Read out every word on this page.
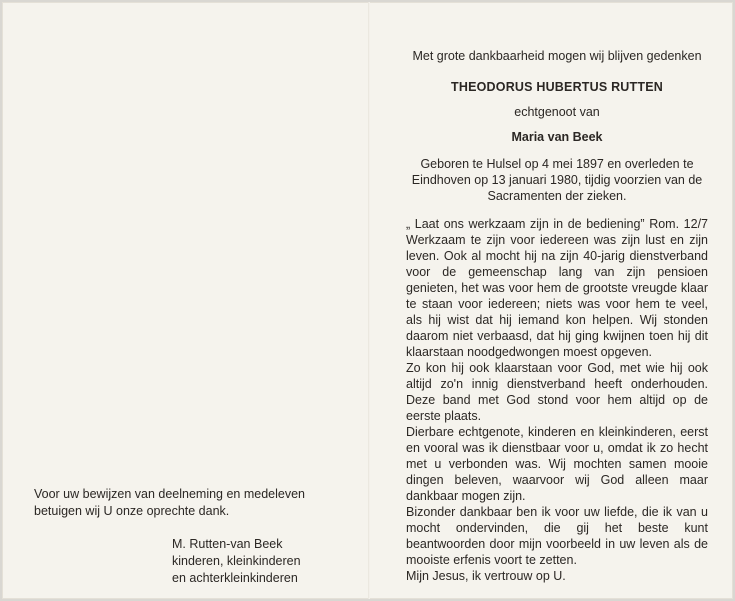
Voor uw bewijzen van deelneming en medeleven
betuigen wij U onze oprechte dank.
M. Rutten-van Beek
kinderen, kleinkinderen
en achterkleinkinderen
Met grote dankbaarheid mogen wij blijven gedenken
THEODORUS HUBERTUS RUTTEN
echtgenoot van
Maria van Beek
Geboren te Hulsel op 4 mei 1897 en overleden te
Eindhoven op 13 januari 1980, tijdig voorzien van de
Sacramenten der zieken.

„ Laat ons werkzaam zijn in de bediening” Rom. 12/7 Werkzaam te zijn voor iedereen was zijn lust en zijn leven. Ook al mocht hij na zijn 40-jarig dienstverband voor de gemeenschap lang van zijn pensioen genieten, het was voor hem de grootste vreugde klaar te staan voor iedereen; niets was voor hem te veel, als hij wist dat hij iemand kon helpen. Wij stonden daarom niet verbaasd, dat hij ging kwijnen toen hij dit klaarstaan noodgedwongen moest opgeven.

Zo kon hij ook klaarstaan voor God, met wie hij ook altijd zo'n innig dienstverband heeft onderhouden. Deze band met God stond voor hem altijd op de eerste plaats.

Dierbare echtgenote, kinderen en kleinkinderen, eerst en vooral was ik dienstbaar voor u, omdat ik zo hecht met u verbonden was. Wij mochten samen mooie dingen beleven, waarvoor wij God alleen maar dankbaar mogen zijn.

Bizonder dankbaar ben ik voor uw liefde, die ik van u mocht ondervinden, die gij het beste kunt beantwoorden door mijn voorbeeld in uw leven als de mooiste erfenis voort te zetten.

Mijn Jesus, ik vertrouw op U.
